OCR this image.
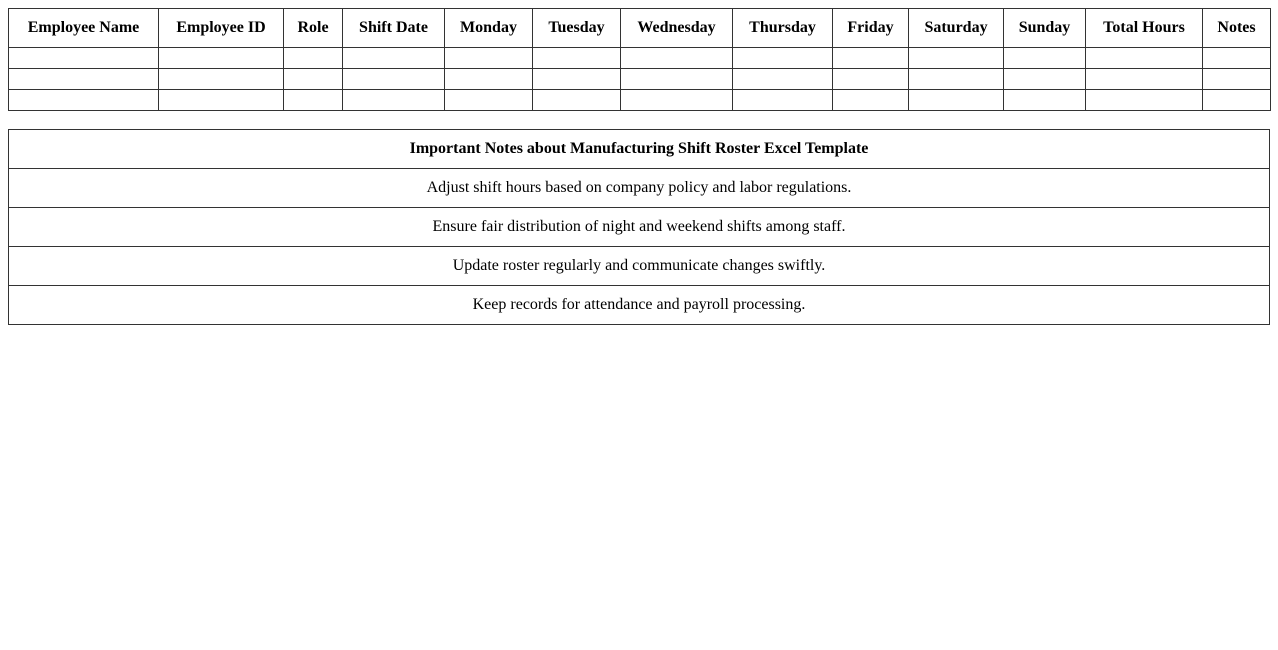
Employee Name	Employee ID	Role	Shift Date	Monday	Tuesday	Wednesday	Thursday	Friday	Saturday	Sunday	Total Hours	Notes

Important Notes about Manufacturing Shift Roster Excel Template
Adjust shift hours based on company policy and labor regulations.
Ensure fair distribution of night and weekend shifts among staff.
Update roster regularly and communicate changes swiftly.
Keep records for attendance and payroll processing.
